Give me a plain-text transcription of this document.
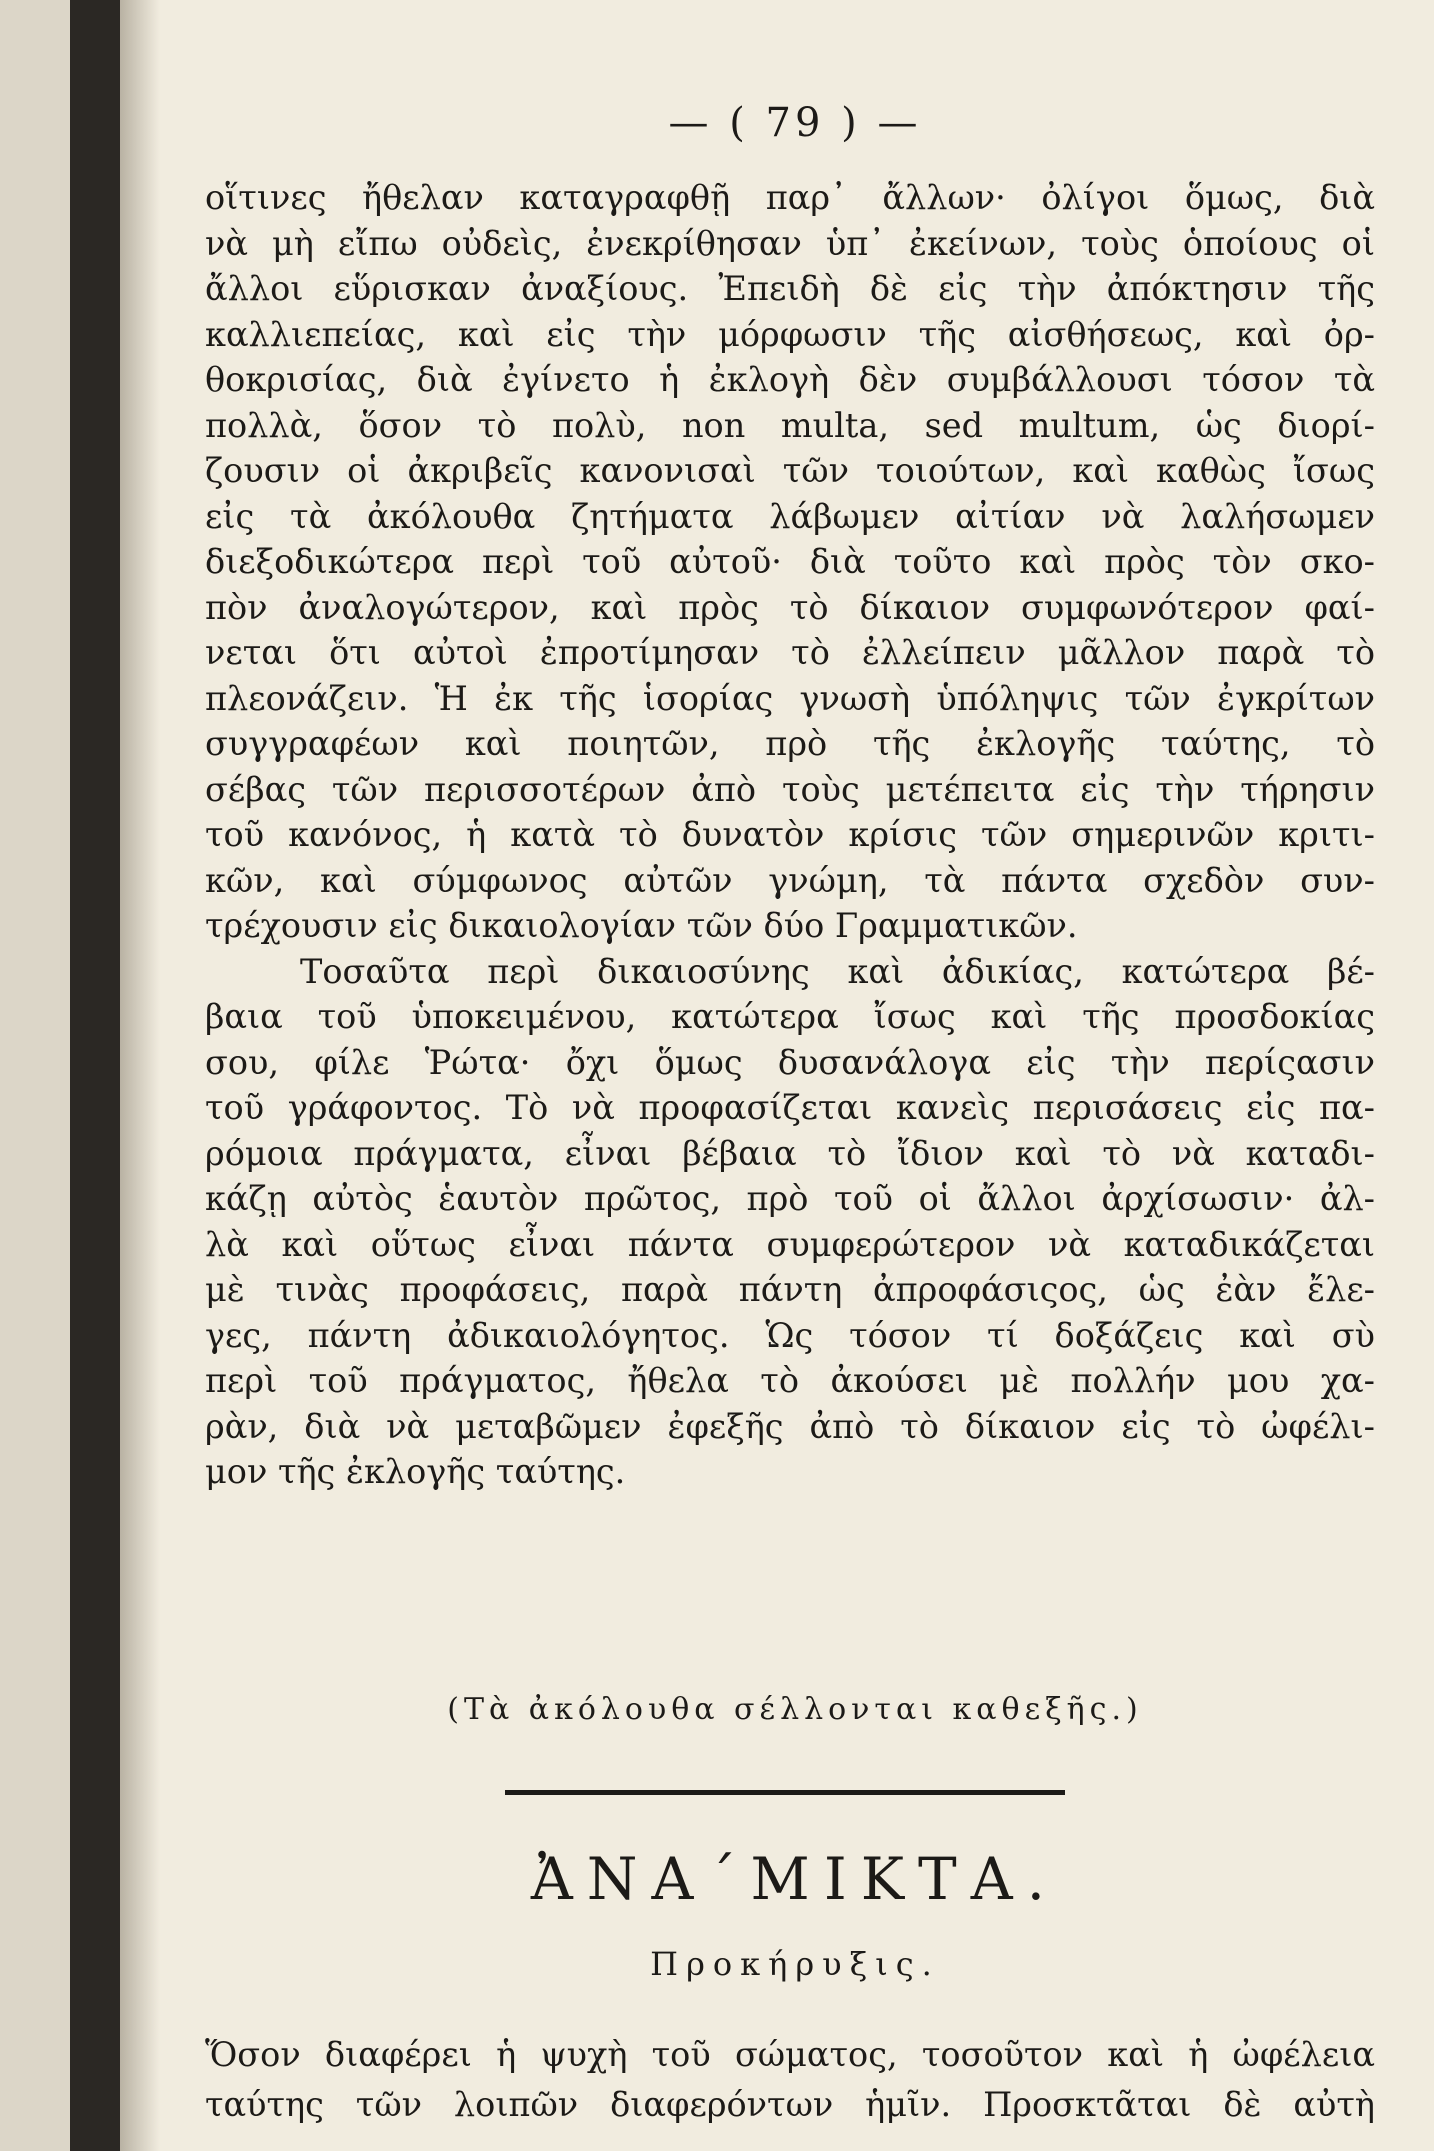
— ( 79 ) —
οἵτινες ἤθελαν καταγραφθῇ παρ᾽ ἄλλων· ὀλίγοι ὅμως, διὰ
νὰ μὴ εἴπω οὐδεὶς, ἐνεκρίθησαν ὑπ᾽ ἐκείνων, τοὺς ὁποίους οἱ
ἄλλοι εὕρισκαν ἀναξίους. Ἐπειδὴ δὲ εἰς τὴν ἀπόκτησιν τῆς
καλλιεπείας, καὶ εἰς τὴν μόρφωσιν τῆς αἰσθήσεως, καὶ ὀρ-
θοκρισίας, διὰ ἐγίνετο ἡ ἐκλογὴ δὲν συμβάλλουσι τόσον τὰ
πολλὰ, ὅσον τὸ πολὺ, non multa, sed multum, ὡς διορί-
ζουσιν οἱ ἀκριβεῖς κανονισαὶ τῶν τοιούτων, καὶ καθὼς ἴσως
εἰς τὰ ἀκόλουθα ζητήματα λάβωμεν αἰτίαν νὰ λαλήσωμεν
διεξοδικώτερα περὶ τοῦ αὐτοῦ· διὰ τοῦτο καὶ πρὸς τὸν σκο-
πὸν ἀναλογώτερον, καὶ πρὸς τὸ δίκαιον συμφωνότερον φαί-
νεται ὅτι αὐτοὶ ἐπροτίμησαν τὸ ἐλλείπειν μᾶλλον παρὰ τὸ
πλεονάζειν. Ἡ ἐκ τῆς ἱσορίας γνωσὴ ὑπόληψις τῶν ἐγκρίτων
συγγραφέων καὶ ποιητῶν, πρὸ τῆς ἐκλογῆς ταύτης, τὸ
σέβας τῶν περισσοτέρων ἀπὸ τοὺς μετέπειτα εἰς τὴν τήρησιν
τοῦ κανόνος, ἡ κατὰ τὸ δυνατὸν κρίσις τῶν σημερινῶν κριτι-
κῶν, καὶ σύμφωνος αὐτῶν γνώμη, τὰ πάντα σχεδὸν συν-
τρέχουσιν εἰς δικαιολογίαν τῶν δύο Γραμματικῶν.
Τοσαῦτα περὶ δικαιοσύνης καὶ ἀδικίας, κατώτερα βέ-
βαια τοῦ ὑποκειμένου, κατώτερα ἴσως καὶ τῆς προσδοκίας
σου, φίλε Ῥώτα· ὄχι ὅμως δυσανάλογα εἰς τὴν περίςασιν
τοῦ γράφοντος. Τὸ νὰ προφασίζεται κανεὶς περισάσεις εἰς πα-
ρόμοια πράγματα, εἶναι βέβαια τὸ ἴδιον καὶ τὸ νὰ καταδι-
κάζῃ αὐτὸς ἑαυτὸν πρῶτος, πρὸ τοῦ οἱ ἄλλοι ἀρχίσωσιν· ἀλ-
λὰ καὶ οὕτως εἶναι πάντα συμφερώτερον νὰ καταδικάζεται
μὲ τινὰς προφάσεις, παρὰ πάντη ἀπροφάσιςος, ὡς ἐὰν ἔλε-
γες, πάντη ἀδικαιολόγητος. Ὡς τόσον τί δοξάζεις καὶ σὺ
περὶ τοῦ πράγματος, ἤθελα τὸ ἀκούσει μὲ πολλήν μου χα-
ρὰν, διὰ νὰ μεταβῶμεν ἐφεξῆς ἀπὸ τὸ δίκαιον εἰς τὸ ὠφέλι-
μον τῆς ἐκλογῆς ταύτης.
(Τὰ ἀκόλουθα σέλλονται καθεξῆς.)
ἈΝΑ΄ΜΙΚΤΑ.
Προκήρυξις.
Ὅσον διαφέρει ἡ ψυχὴ τοῦ σώματος, τοσοῦτον καὶ ἡ ὠφέλεια
ταύτης τῶν λοιπῶν διαφερόντων ἡμῖν. Προσκτᾶται δὲ αὐτὴ
